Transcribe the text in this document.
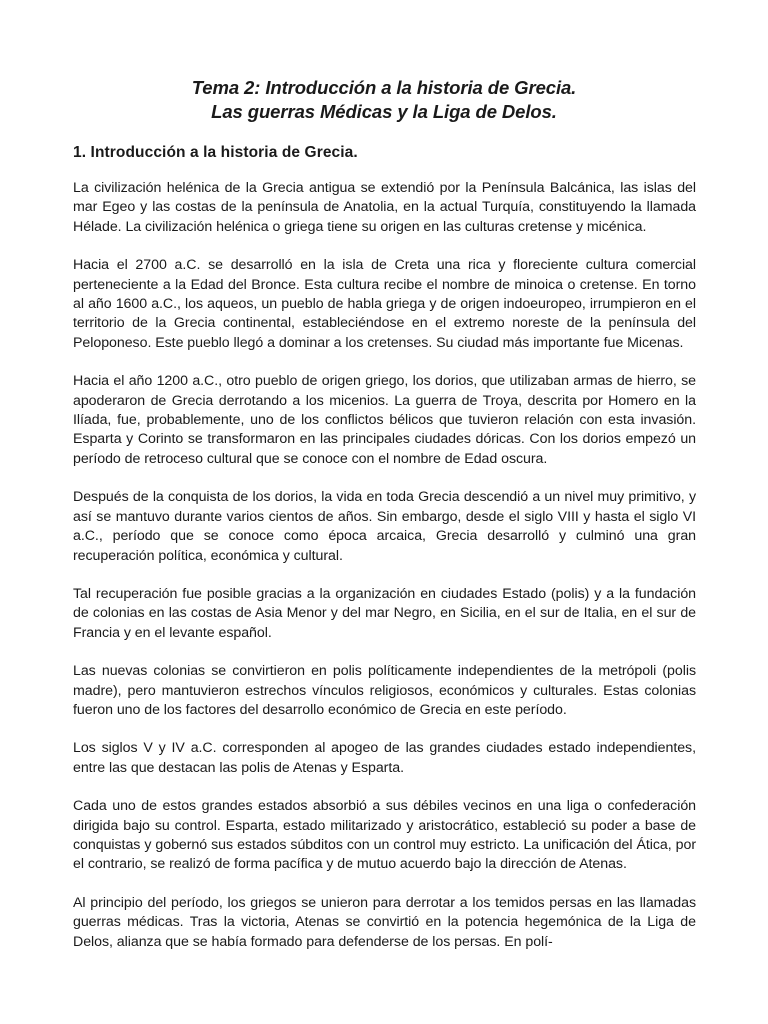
Tema 2: Introducción a la historia de Grecia.
Las guerras Médicas y la Liga de Delos.
1. Introducción a la historia de Grecia.

La civilización helénica de la Grecia antigua se extendió por la Península Balcánica, las islas del mar Egeo y las costas de la península de Anatolia, en la actual Turquía, constituyendo la llamada Hélade. La civilización helénica o griega tiene su origen en las culturas cretense y micénica.

Hacia el 2700 a.C. se desarrolló en la isla de Creta una rica y floreciente cultura comercial perteneciente a la Edad del Bronce. Esta cultura recibe el nombre de minoica o cretense. En torno al año 1600 a.C., los aqueos, un pueblo de habla griega y de origen indoeuropeo, irrumpieron en el territorio de la Grecia continental, estableciéndose en el extremo noreste de la península del Peloponeso. Este pueblo llegó a dominar a los cretenses. Su ciudad más importante fue Micenas.

Hacia el año 1200 a.C., otro pueblo de origen griego, los dorios, que utilizaban armas de hierro, se apoderaron de Grecia derrotando a los micenios. La guerra de Troya, descrita por Homero en la Ilíada, fue, probablemente, uno de los conflictos bélicos que tuvieron relación con esta invasión. Esparta y Corinto se transformaron en las principales ciudades dóricas. Con los dorios empezó un período de retroceso cultural que se conoce con el nombre de Edad oscura.

Después de la conquista de los dorios, la vida en toda Grecia descendió a un nivel muy primitivo, y así se mantuvo durante varios cientos de años. Sin embargo, desde el siglo VIII y hasta el siglo VI a.C., período que se conoce como época arcaica, Grecia desarrolló y culminó una gran recuperación política, económica y cultural.

Tal recuperación fue posible gracias a la organización en ciudades Estado (polis) y a la fundación de colonias en las costas de Asia Menor y del mar Negro, en Sicilia, en el sur de Italia, en el sur de Francia y en el levante español.

Las nuevas colonias se convirtieron en polis políticamente independientes de la metrópoli (polis madre), pero mantuvieron estrechos vínculos religiosos, económicos y culturales. Estas colonias fueron uno de los factores del desarrollo económico de Grecia en este período.

Los siglos V y IV a.C. corresponden al apogeo de las grandes ciudades estado independientes, entre las que destacan las polis de Atenas y Esparta.

Cada uno de estos grandes estados absorbió a sus débiles vecinos en una liga o confederación dirigida bajo su control. Esparta, estado militarizado y aristocrático, estableció su poder a base de conquistas y gobernó sus estados súbditos con un control muy estricto. La unificación del Ática, por el contrario, se realizó de forma pacífica y de mutuo acuerdo bajo la dirección de Atenas.

Al principio del período, los griegos se unieron para derrotar a los temidos persas en las llamadas guerras médicas. Tras la victoria, Atenas se convirtió en la potencia hegemónica de la Liga de Delos, alianza que se había formado para defenderse de los persas. En polí-
